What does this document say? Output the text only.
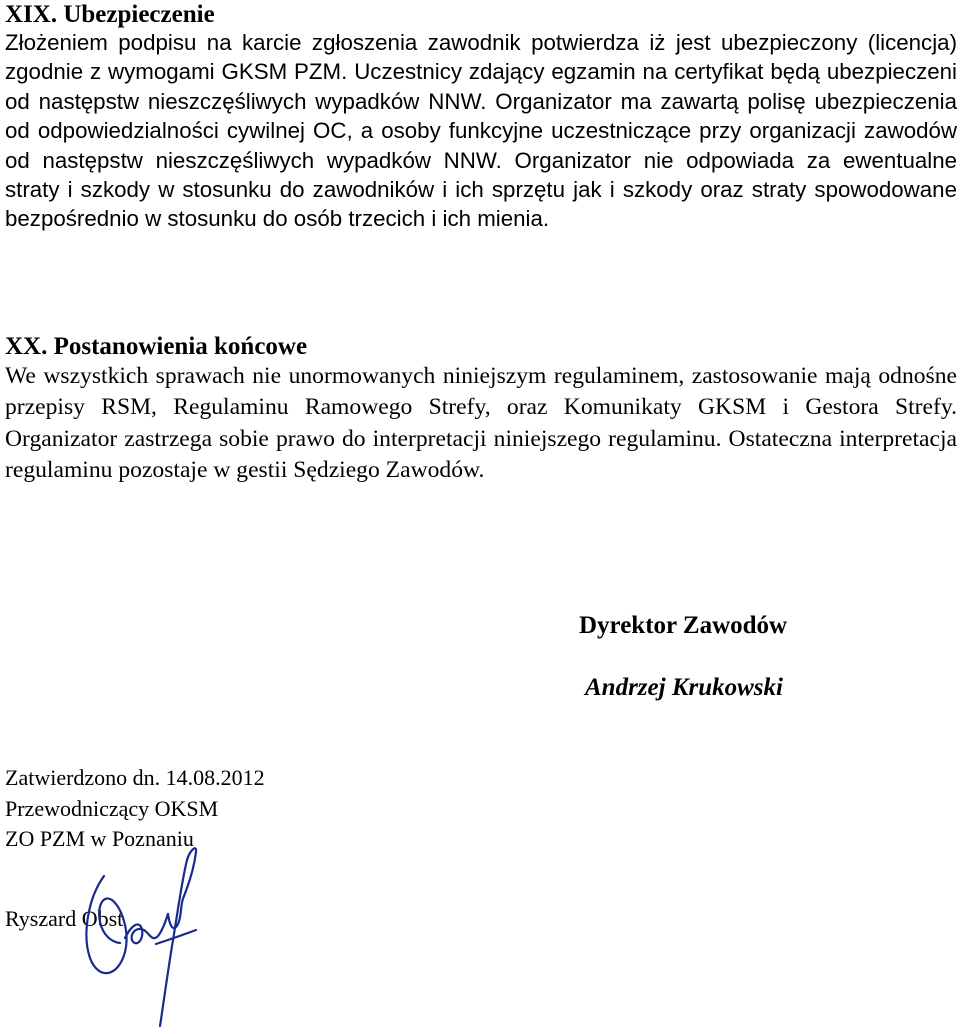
XIX. Ubezpieczenie

Złożeniem podpisu na karcie zgłoszenia zawodnik potwierdza iż jest ubezpieczony (licencja) zgodnie z wymogami GKSM PZM. Uczestnicy zdający egzamin na certyfikat będą ubezpieczeni od następstw nieszczęśliwych wypadków NNW. Organizator ma zawartą polisę ubezpieczenia od odpowiedzialności cywilnej OC, a osoby funkcyjne uczestniczące przy organizacji zawodów od następstw nieszczęśliwych wypadków NNW. Organizator nie odpowiada za ewentualne straty i szkody w stosunku do zawodników i ich sprzętu jak i szkody oraz straty spowodowane bezpośrednio w stosunku do osób trzecich i ich mienia.

XX. Postanowienia końcowe

We wszystkich sprawach nie unormowanych niniejszym regulaminem, zastosowanie mają odnośne przepisy RSM, Regulaminu Ramowego Strefy, oraz Komunikaty GKSM i Gestora Strefy. Organizator zastrzega sobie prawo do interpretacji niniejszego regulaminu. Ostateczna interpretacja regulaminu pozostaje w gestii Sędziego Zawodów.

Dyrektor Zawodów

Andrzej Krukowski

Zatwierdzono dn. 14.08.2012
Przewodniczący OKSM
ZO PZM w Poznaniu

Ryszard Obst
